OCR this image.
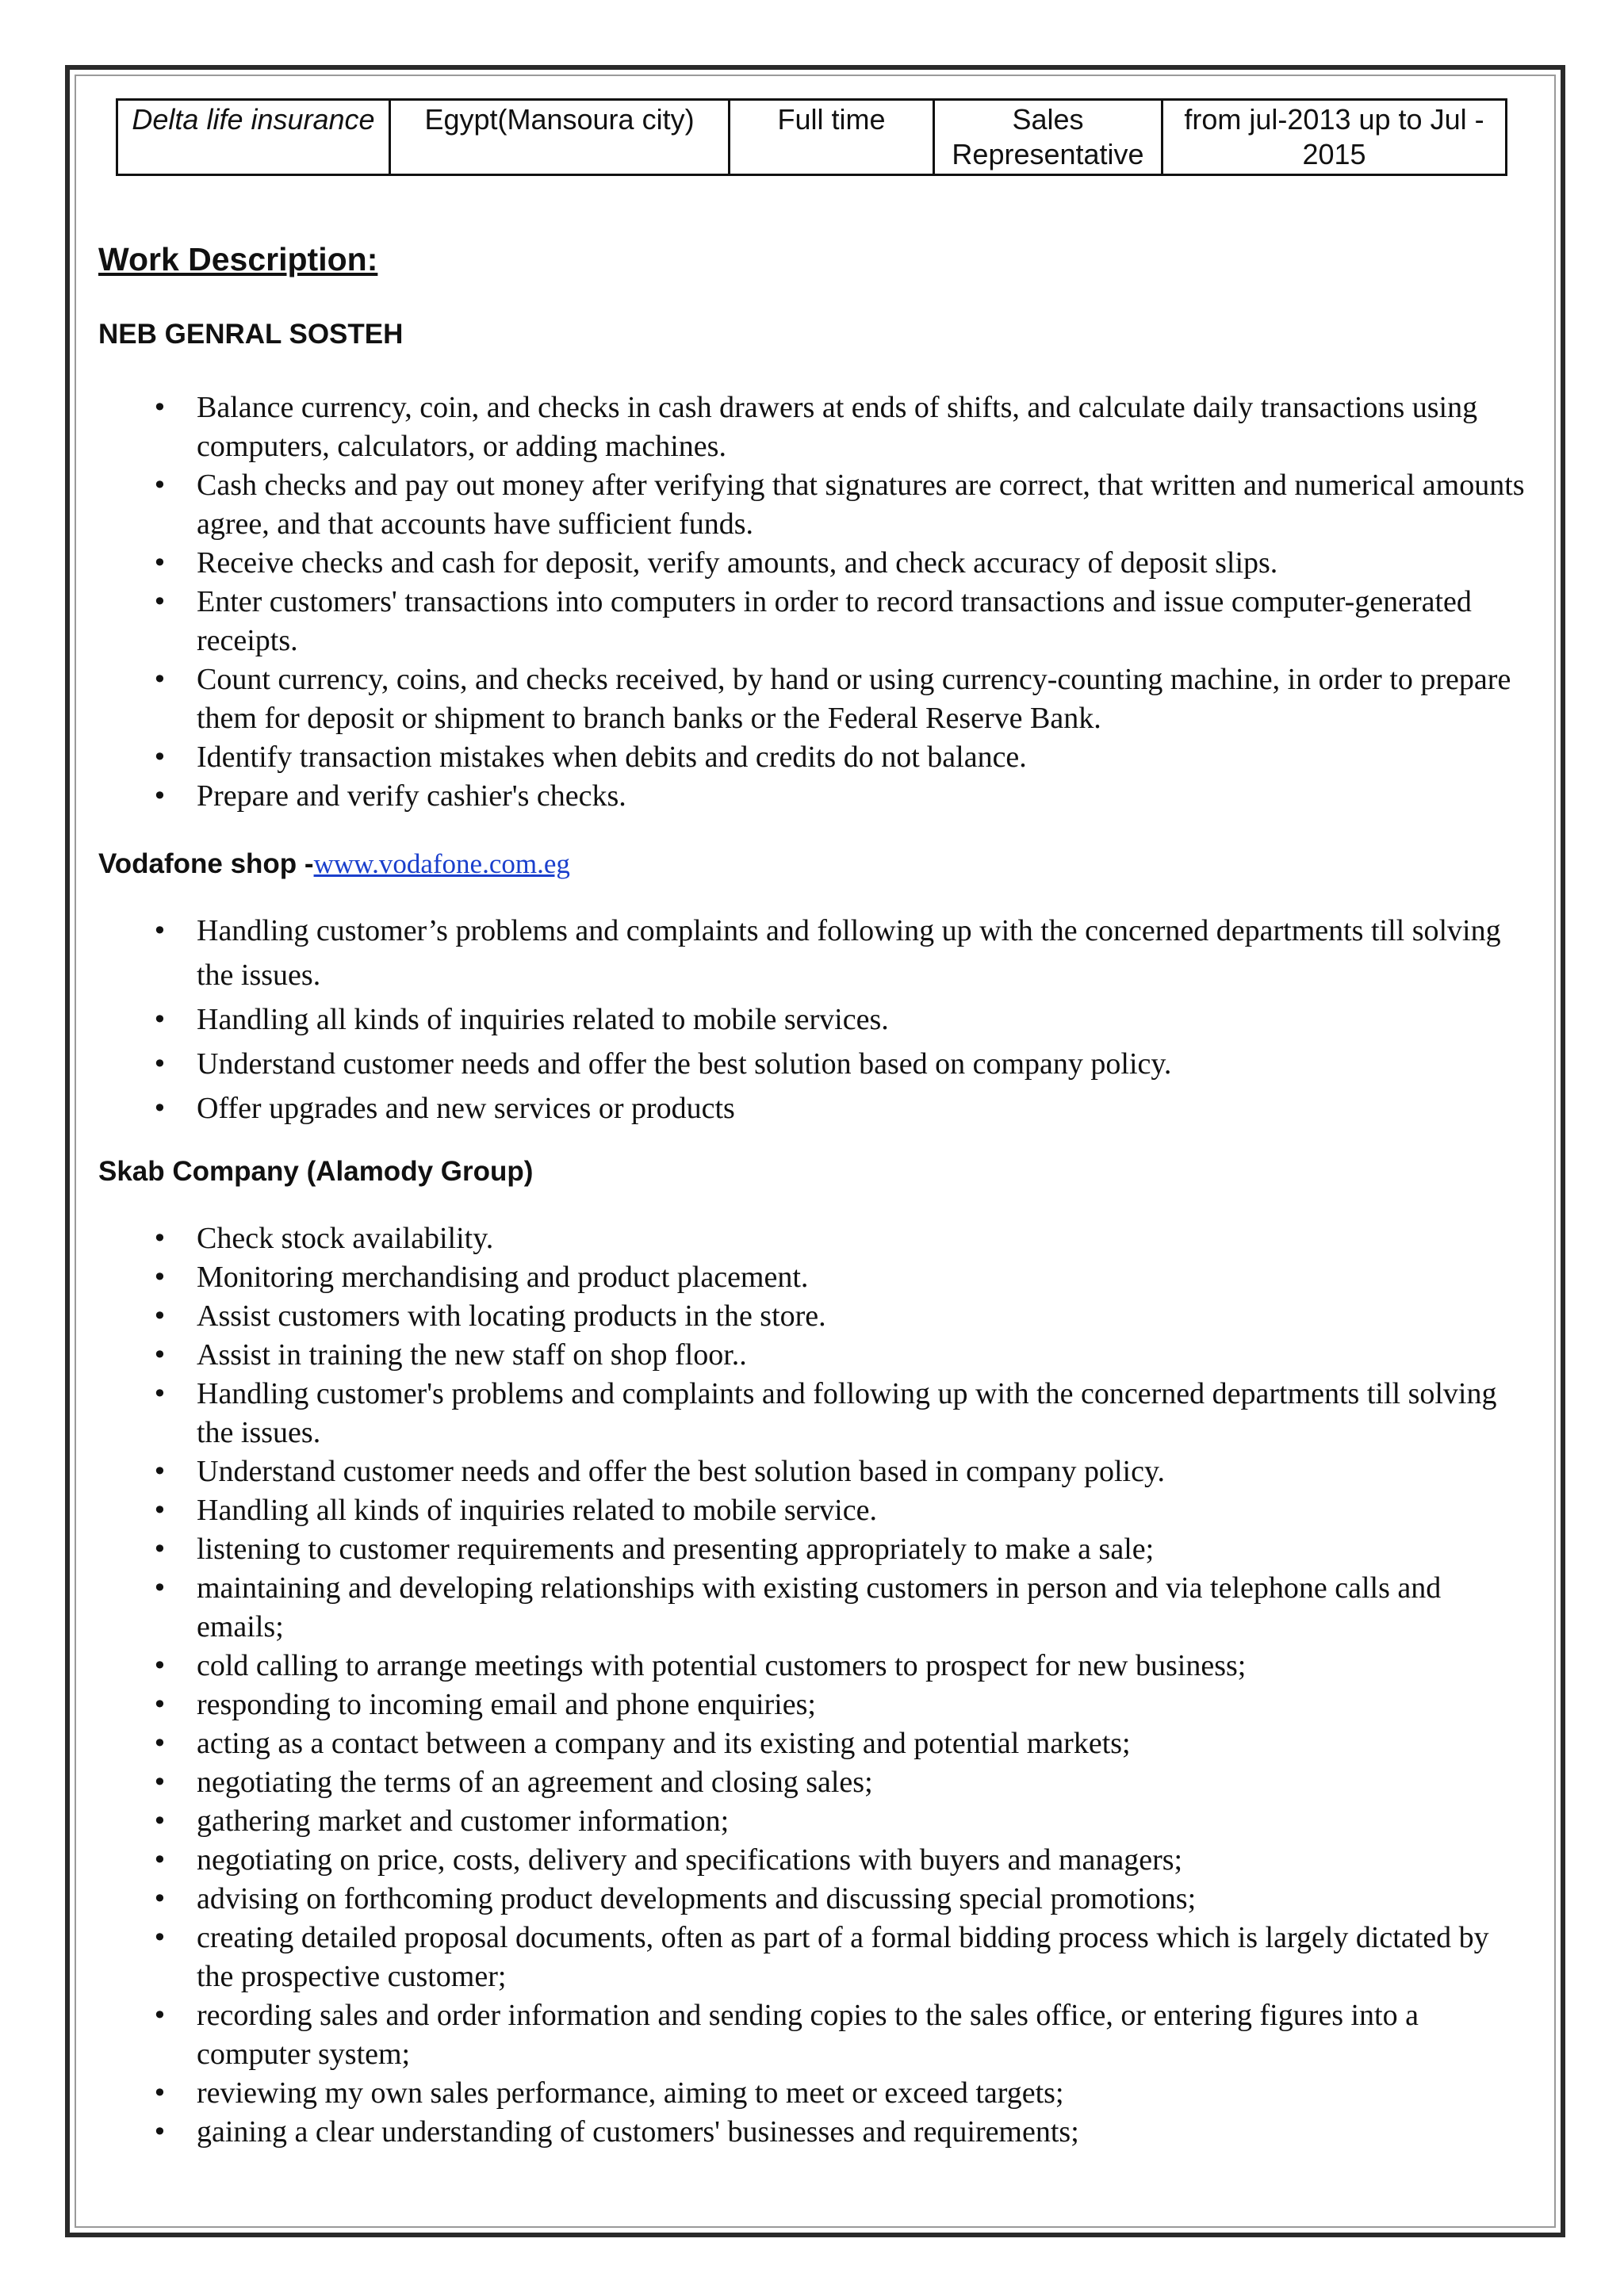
Delta life insurance	Egypt(Mansoura city)	Full time	Sales Representative	from jul-2013 up to Jul - 2015
Work Description:
NEB GENRAL SOSTEH
• Balance currency, coin, and checks in cash drawers at ends of shifts, and calculate daily transactions using computers, calculators, or adding machines.
• Cash checks and pay out money after verifying that signatures are correct, that written and numerical amounts agree, and that accounts have sufficient funds.
• Receive checks and cash for deposit, verify amounts, and check accuracy of deposit slips.
• Enter customers' transactions into computers in order to record transactions and issue computer-generated receipts.
• Count currency, coins, and checks received, by hand or using currency-counting machine, in order to prepare them for deposit or shipment to branch banks or the Federal Reserve Bank.
• Identify transaction mistakes when debits and credits do not balance.
• Prepare and verify cashier's checks.
Vodafone shop -www.vodafone.com.eg
• Handling customer’s problems and complaints and following up with the concerned departments till solving the issues.
• Handling all kinds of inquiries related to mobile services.
• Understand customer needs and offer the best solution based on company policy.
• Offer upgrades and new services or products
Skab Company (Alamody Group)
• Check stock availability.
• Monitoring merchandising and product placement.
• Assist customers with locating products in the store.
• Assist in training the new staff on shop floor..
• Handling customer's problems and complaints and following up with the concerned departments till solving the issues.
• Understand customer needs and offer the best solution based in company policy.
• Handling all kinds of inquiries related to mobile service.
• listening to customer requirements and presenting appropriately to make a sale;
• maintaining and developing relationships with existing customers in person and via telephone calls and emails;
• cold calling to arrange meetings with potential customers to prospect for new business;
• responding to incoming email and phone enquiries;
• acting as a contact between a company and its existing and potential markets;
• negotiating the terms of an agreement and closing sales;
• gathering market and customer information;
• negotiating on price, costs, delivery and specifications with buyers and managers;
• advising on forthcoming product developments and discussing special promotions;
• creating detailed proposal documents, often as part of a formal bidding process which is largely dictated by the prospective customer;
• recording sales and order information and sending copies to the sales office, or entering figures into a computer system;
• reviewing my own sales performance, aiming to meet or exceed targets;
• gaining a clear understanding of customers' businesses and requirements;
